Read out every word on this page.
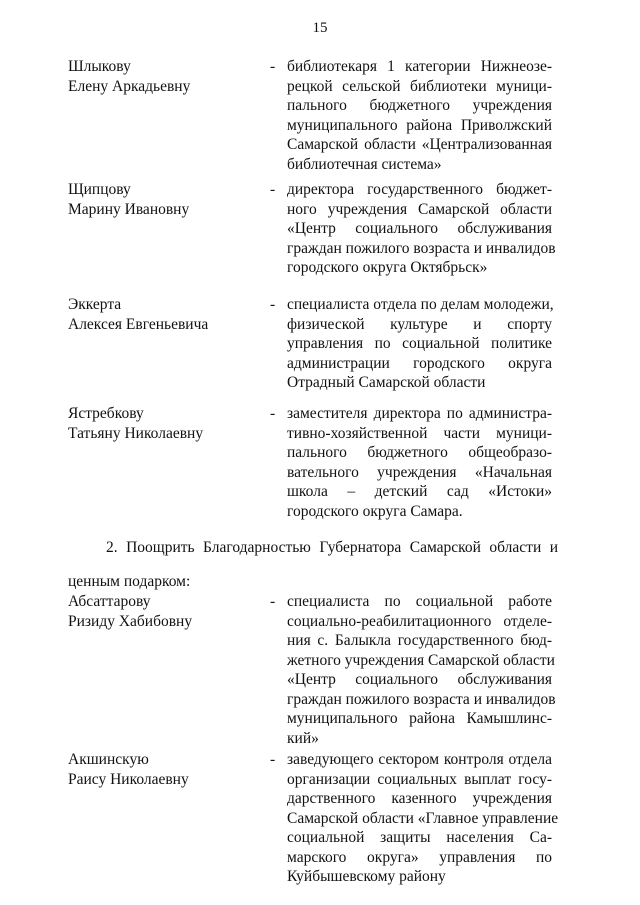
15
Шлыкову
Елену Аркадьевну
- библиотекаря 1 категории Нижнеозе-
рецкой сельской библиотеки муници-
пального бюджетного учреждения
муниципального района Приволжский
Самарской области «Централизованная
библиотечная система»
Щипцову
Марину Ивановну
- директора государственного бюджет-
ного учреждения Самарской области
«Центр социального обслуживания
граждан пожилого возраста и инвалидов
городского округа Октябрьск»
Эккерта
Алексея Евгеньевича
- специалиста отдела по делам молодежи,
физической культуре и спорту
управления по социальной политике
администрации городского округа
Отрадный Самарской области
Ястребкову
Татьяну Николаевну
- заместителя директора по администра-
тивно-хозяйственной части муници-
пального бюджетного общеобразо-
вательного учреждения «Начальная
школа – детский сад «Истоки»
городского округа Самара.
2. Поощрить Благодарностью Губернатора Самарской области и
ценным подарком:
Абсаттарову
Ризиду Хабибовну
- специалиста по социальной работе
социально-реабилитационного отделе-
ния с. Балыкла государственного бюд-
жетного учреждения Самарской области
«Центр социального обслуживания
граждан пожилого возраста и инвалидов
муниципального района Камышлинс-
кий»
Акшинскую
Раису Николаевну
- заведующего сектором контроля отдела
организации социальных выплат госу-
дарственного казенного учреждения
Самарской области «Главное управление
социальной защиты населения Са-
марского округа» управления по
Куйбышевскому району
